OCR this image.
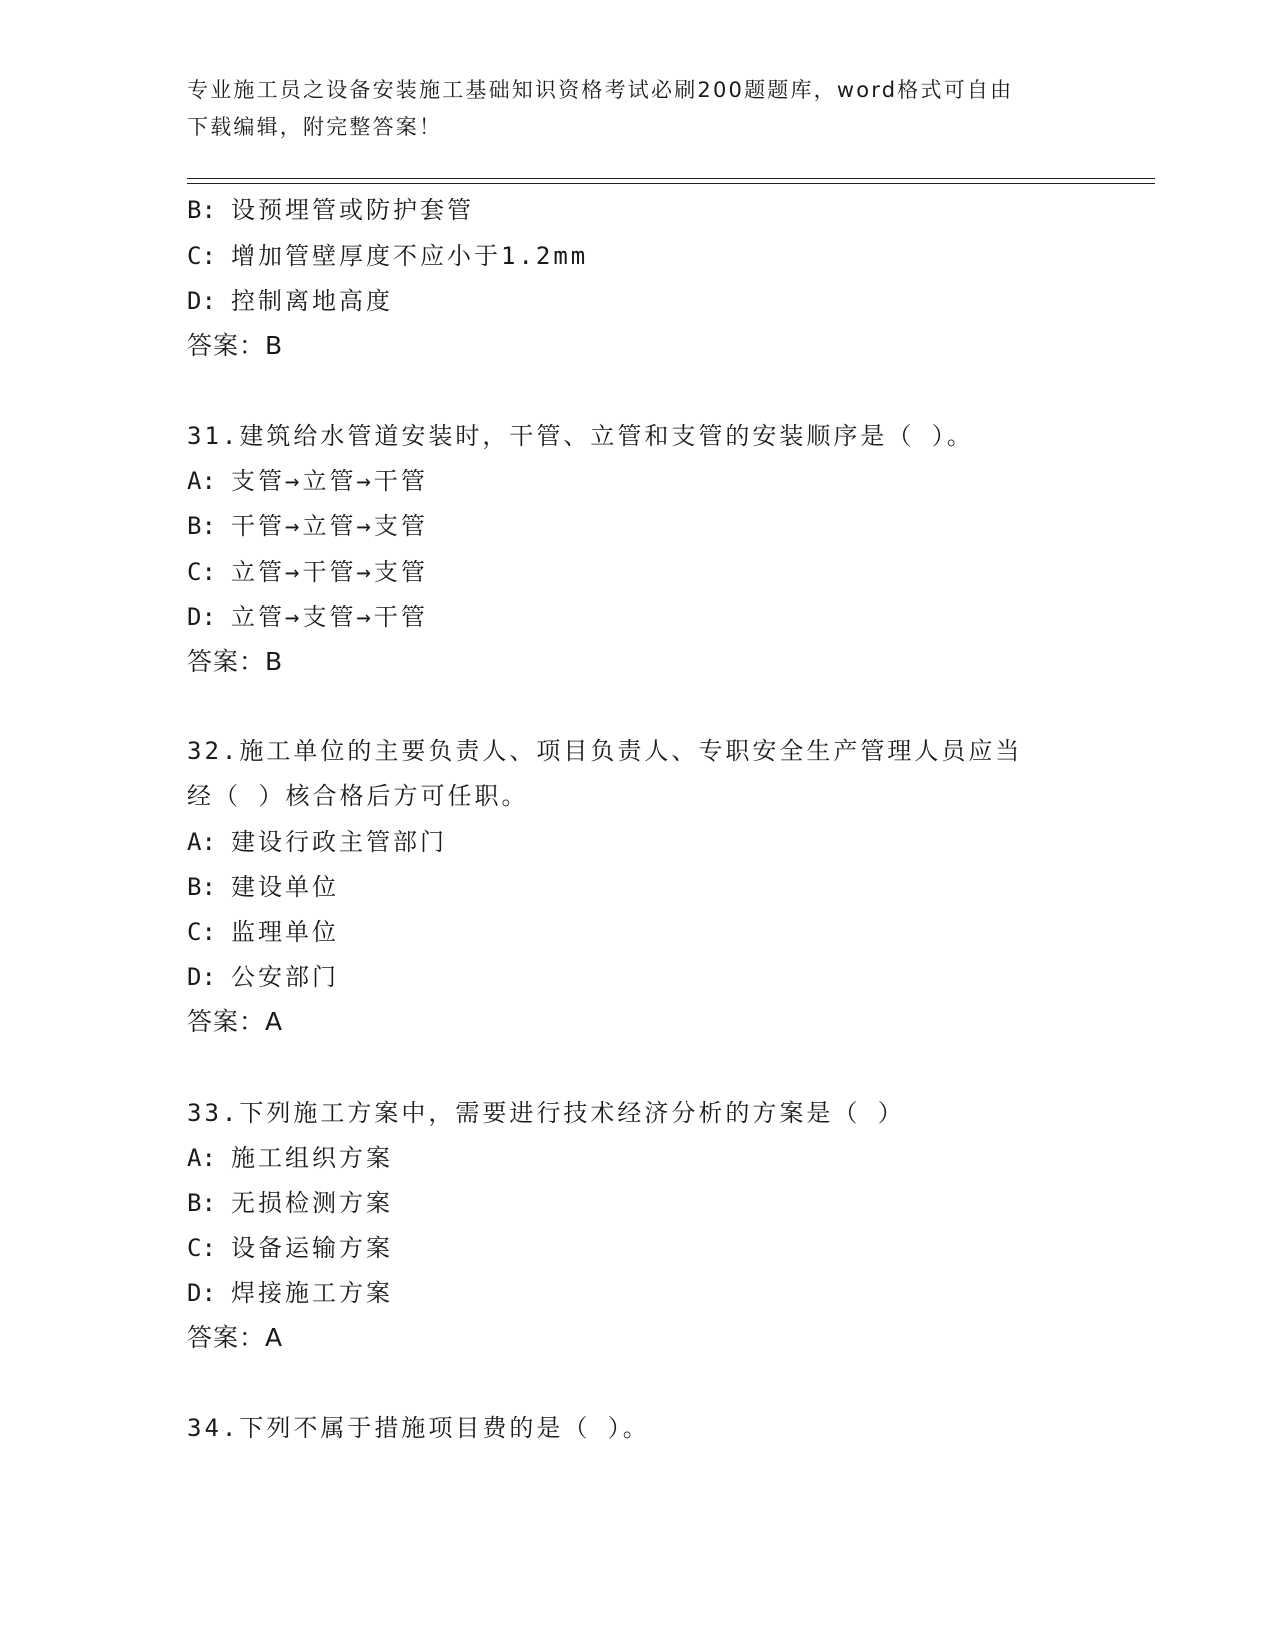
专业施工员之设备安装施工基础知识资格考试必刷200题题库，word格式可自由
下载编辑，附完整答案！
B: 设预埋管或防护套管
C: 增加管壁厚度不应小于1.2mm
D: 控制离地高度
答案：B
31.建筑给水管道安装时，干管、立管和支管的安装顺序是（ ）。
A: 支管→立管→干管
B: 干管→立管→支管
C: 立管→干管→支管
D: 立管→支管→干管
答案：B
32.施工单位的主要负责人、项目负责人、专职安全生产管理人员应当
经（ ）核合格后方可任职。
A: 建设行政主管部门
B: 建设单位
C: 监理单位
D: 公安部门
答案：A
33.下列施工方案中，需要进行技术经济分析的方案是（ ）
A: 施工组织方案
B: 无损检测方案
C: 设备运输方案
D: 焊接施工方案
答案：A
34.下列不属于措施项目费的是（ ）。
